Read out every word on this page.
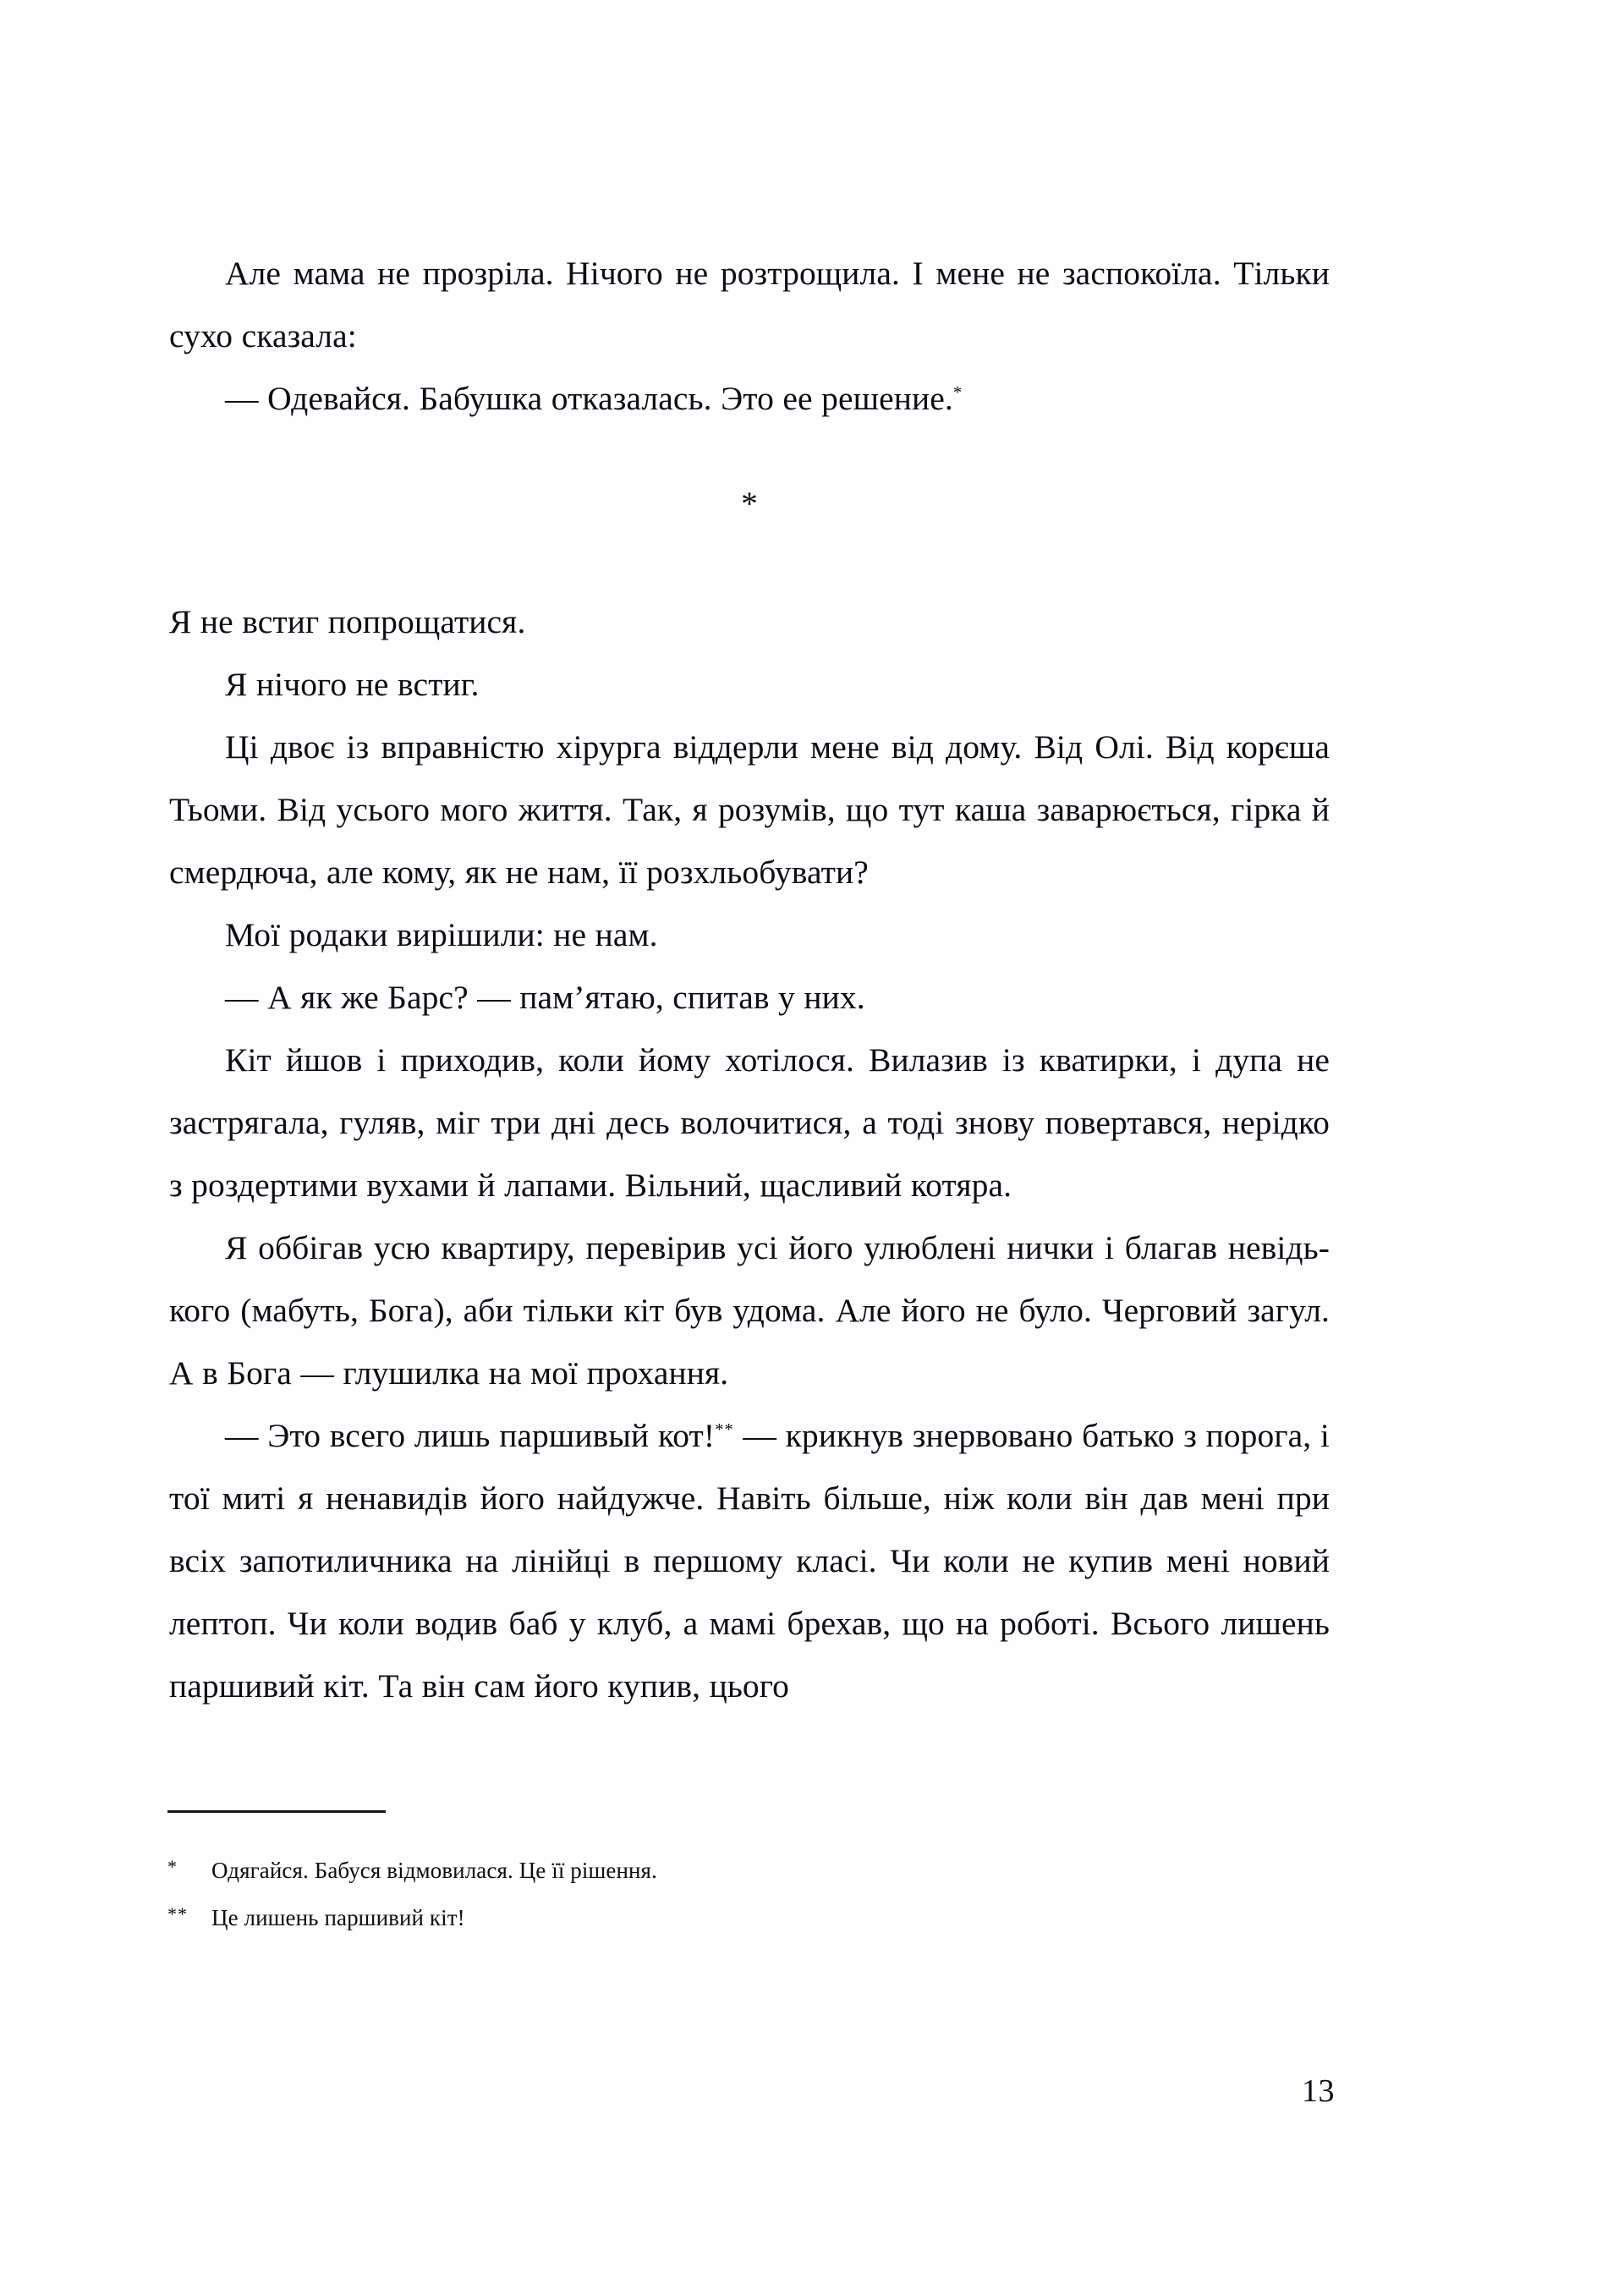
Але мама не прозріла. Нічого не розтрощила. І мене не заспокоїла. Тільки сухо сказала:

— Одевайся. Бабушка отказалась. Это ее решение.*

*

Я не встиг попрощатися.

Я нічого не встиг.

Ці двоє із вправністю хірурга віддерли мене від дому. Від Олі. Від корєша Тьоми. Від усього мого життя. Так, я розумів, що тут каша заварюється, гірка й смердюча, але кому, як не нам, її розхльобувати?

Мої родаки вирішили: не нам.

— А як же Барс? — пам’ятаю, спитав у них.

Кіт йшов і приходив, коли йому хотілося. Вилазив із кватирки, і дупа не застрягала, гуляв, міг три дні десь волочитися, а тоді знову повертався, нерідко з роздертими вухами й лапами. Вільний, щасливий котяра.

Я оббігав усю квартиру, перевірив усі його улюблені нички і благав невідь-кого (мабуть, Бога), аби тільки кіт був удома. Але його не було. Черговий загул. А в Бога — глушилка на мої прохання.

— Это всего лишь паршивый кот!** — крикнув знервовано батько з порога, і тої миті я ненавидів його найдужче. Навіть більше, ніж коли він дав мені при всіх запотиличника на лінійці в першому класі. Чи коли не купив мені новий лептоп. Чи коли водив баб у клуб, а мамі брехав, що на роботі. Всього лишень паршивий кіт. Та він сам його купив, цього

*	Одягайся. Бабуся відмовилася. Це її рішення.
**	Це лишень паршивий кіт!
13
